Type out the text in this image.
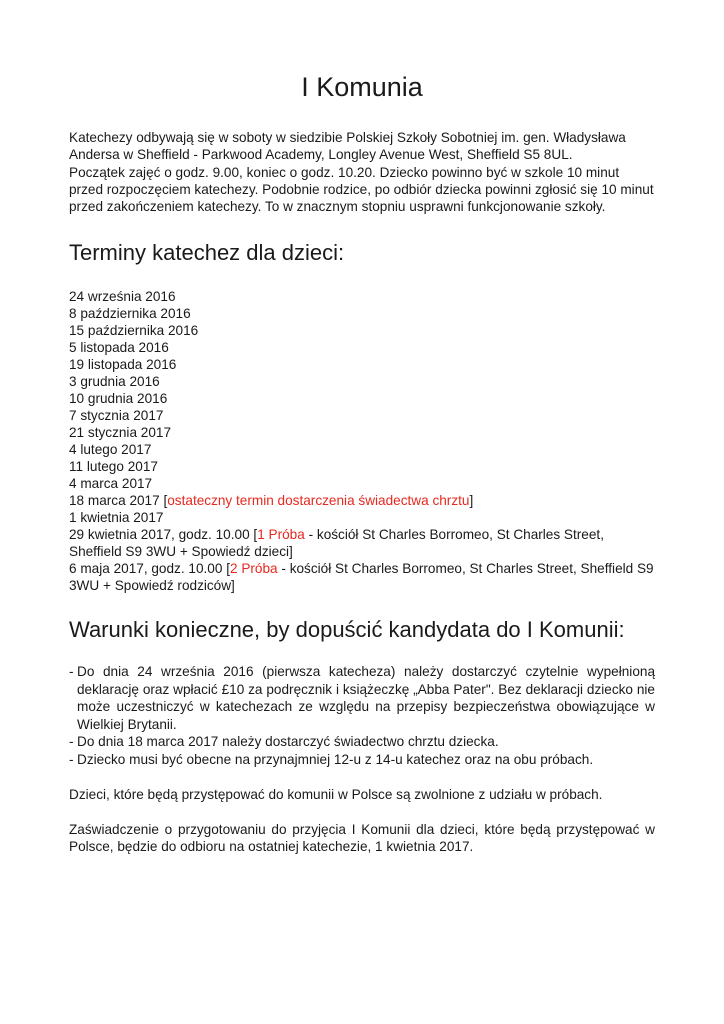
I Komunia

Katechezy odbywają się w soboty w siedzibie Polskiej Szkoły Sobotniej im. gen. Władysława Andersa w Sheffield - Parkwood Academy, Longley Avenue West, Sheffield S5 8UL.

Początek zajęć o godz. 9.00, koniec o godz. 10.20. Dziecko powinno być w szkole 10 minut przed rozpoczęciem katechezy. Podobnie rodzice, po odbiór dziecka powinni zgłosić się 10 minut przed zakończeniem katechezy. To w znacznym stopniu usprawni funkcjonowanie szkoły.

Terminy katechez dla dzieci:
24 września 2016
8 października 2016
15 października 2016
5 listopada 2016
19 listopada 2016
3 grudnia 2016
10 grudnia 2016
7 stycznia 2017
21 stycznia 2017
4 lutego 2017
11 lutego 2017
4 marca 2017
18 marca 2017 [ostateczny termin dostarczenia świadectwa chrztu]
1 kwietnia 2017
29 kwietnia 2017, godz. 10.00 [1 Próba - kościół St Charles Borromeo, St Charles Street, Sheffield S9 3WU + Spowiedź dzieci]
6 maja 2017, godz. 10.00 [2 Próba - kościół St Charles Borromeo, St Charles Street, Sheffield S9 3WU + Spowiedź rodziców]
Warunki konieczne, by dopuścić kandydata do I Komunii:
- Do dnia 24 września 2016 (pierwsza katecheza) należy dostarczyć czytelnie wypełnioną deklarację oraz wpłacić £10 za podręcznik i książeczkę „Abba Pater". Bez deklaracji dziecko nie może uczestniczyć w katechezach ze względu na przepisy bezpieczeństwa obowiązujące w Wielkiej Brytanii.
- Do dnia 18 marca 2017 należy dostarczyć świadectwo chrztu dziecka.
- Dziecko musi być obecne na przynajmniej 12-u z 14-u katechez oraz na obu próbach.
Dzieci, które będą przystępować do komunii w Polsce są zwolnione z udziału w próbach.
Zaświadczenie o przygotowaniu do przyjęcia I Komunii dla dzieci, które będą przystępować w Polsce, będzie do odbioru na ostatniej katechezie, 1 kwietnia 2017.
